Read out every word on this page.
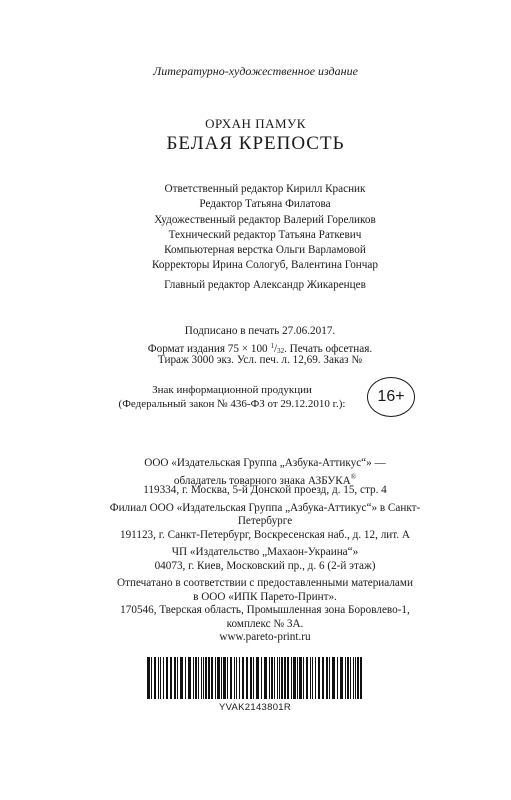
Литературно-художественное издание
ОРХАН ПАМУК
БЕЛАЯ КРЕПОСТЬ
Ответственный редактор Кирилл Красник
Редактор Татьяна Филатова
Художественный редактор Валерий Гореликов
Технический редактор Татьяна Раткевич
Компьютерная верстка Ольги Варламовой
Корректоры Ирина Сологуб, Валентина Гончар
Главный редактор Александр Жикаренцев
Подписано в печать 27.06.2017.
Формат издания 75 × 100 $^1/_{32}$. Печать офсетная.
Тираж 3000 экз. Усл. печ. л. 12,69. Заказ №
Знак информационной продукции
(Федеральный закон № 436-ФЗ от 29.12.2010 г.):	16+
ООО «Издательская Группа „Азбука-Аттикус“» —
обладатель товарного знака АЗБУКА®
119334, г. Москва, 5-й Донской проезд, д. 15, стр. 4
Филиал ООО «Издательская Группа „Азбука-Аттикус“» в Санкт-
Петербурге
191123, г. Санкт-Петербург, Воскресенская наб., д. 12, лит. А
ЧП «Издательство „Махаон-Украина“»
04073, г. Киев, Московский пр., д. 6 (2-й этаж)
Отпечатано в соответствии с предоставленными материалами
в ООО «ИПК Парето-Принт».
170546, Тверская область, Промышленная зона Боровлево-1,
комплекс № 3А.
www.pareto-print.ru
YVAK2143801R
